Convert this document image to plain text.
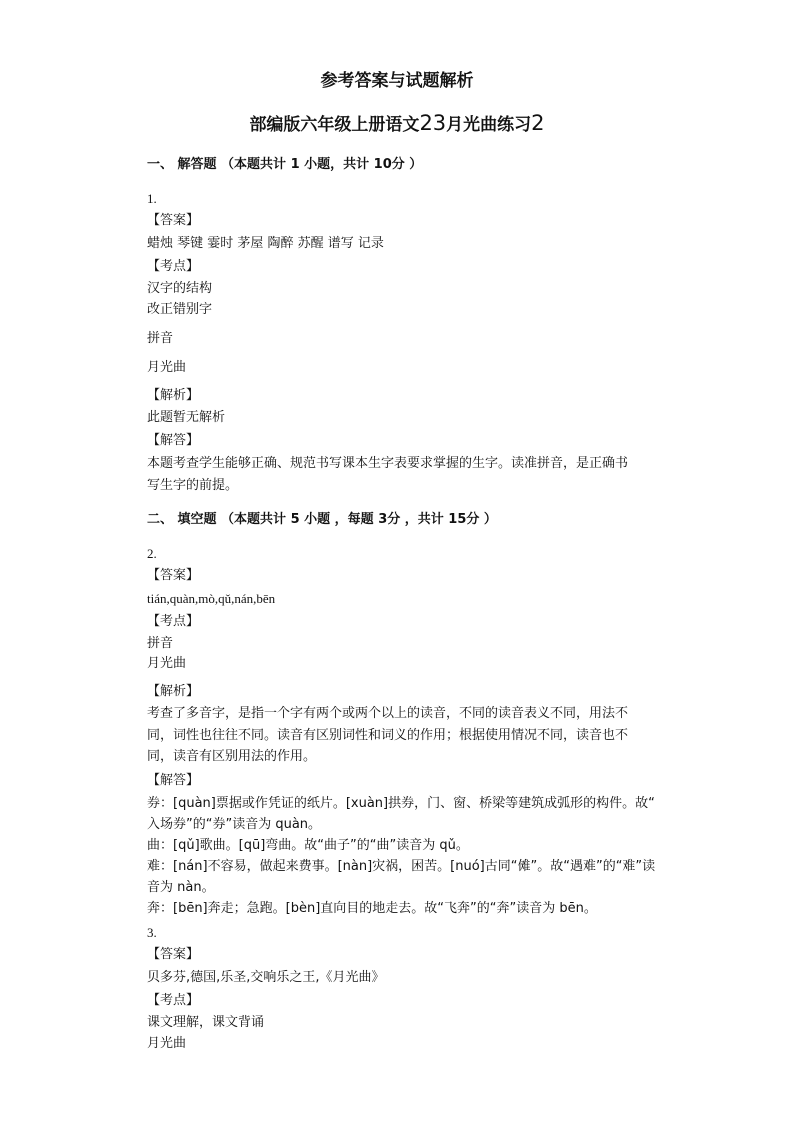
参考答案与试题解析
部编版六年级上册语文23月光曲练习2
一、 解答题 （本题共计 1 小题，共计 10分 ）
1.
【答案】
蜡烛 琴键 霎时 茅屋 陶醉 苏醒 谱写 记录
【考点】
汉字的结构
改正错别字
拼音
月光曲
【解析】
此题暂无解析
【解答】
本题考查学生能够正确、规范书写课本生字表要求掌握的生字。读准拼音，是正确书
写生字的前提。
二、 填空题 （本题共计 5 小题 ，每题 3分 ，共计 15分 ）
2.
【答案】
tián,quàn,mò,qǔ,nán,bēn
【考点】
拼音
月光曲
【解析】
考查了多音字，是指一个字有两个或两个以上的读音，不同的读音表义不同，用法不
同，词性也往往不同。读音有区别词性和词义的作用；根据使用情况不同，读音也不
同，读音有区别用法的作用。
【解答】
券：[quàn]票据或作凭证的纸片。[xuàn]拱券，门、窗、桥梁等建筑成弧形的构件。故“
入场券”的“券”读音为 quàn。
曲：[qǔ]歌曲。[qū]弯曲。故“曲子”的“曲”读音为 qǔ。
难：[nán]不容易，做起来费事。[nàn]灾祸，困苦。[nuó]古同“傩”。故“遇难”的“难”读
音为 nàn。
奔：[bēn]奔走；急跑。[bèn]直向目的地走去。故“飞奔”的“奔”读音为 bēn。
3.
【答案】
贝多芬,德国,乐圣,交响乐之王,《月光曲》
【考点】
课文理解，课文背诵
月光曲
